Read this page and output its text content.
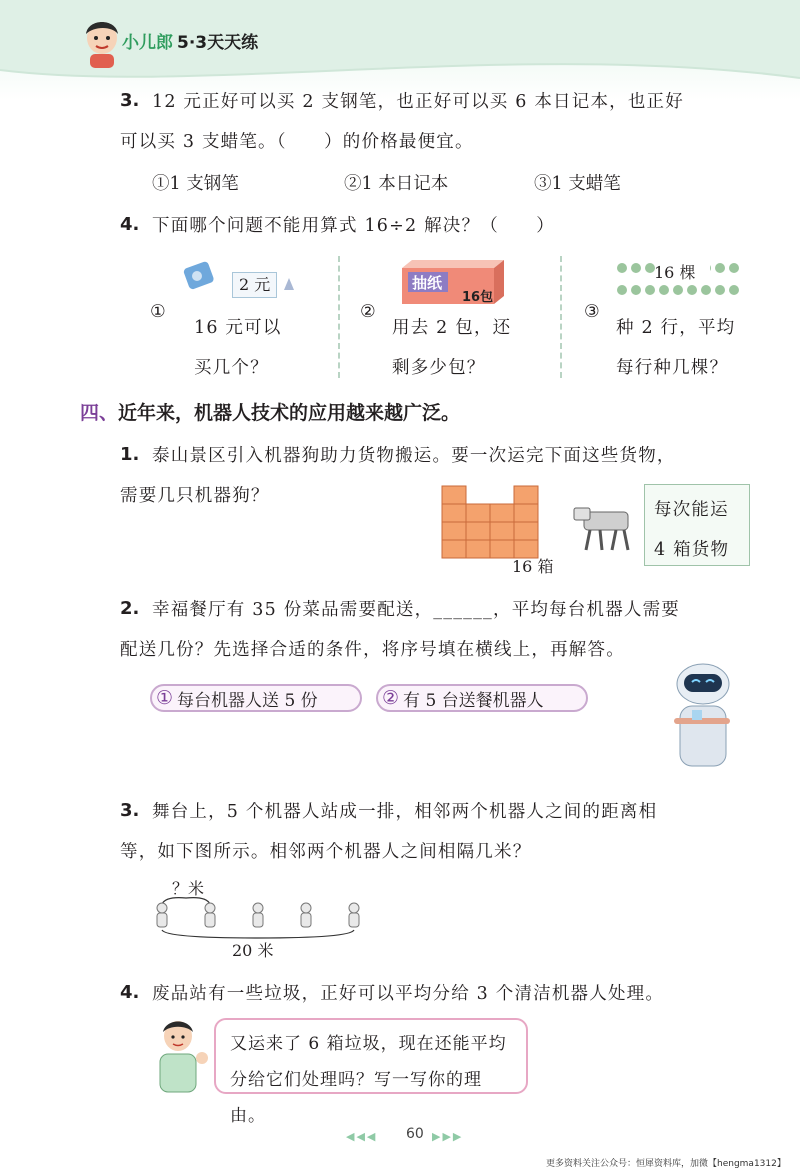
小儿郎 5·3天天练
3. 12 元正好可以买 2 支钢笔，也正好可以买 6 本日记本，也正好
可以买 3 支蜡笔。（　　）的价格最便宜。
①1 支钢笔	②1 本日记本	③1 支蜡笔
4. 下面哪个问题不能用算式 16÷2 解决？（　　）
2 元
①
16 元可以
买几个？
抽纸
16包
②
用去 2 包，还
剩多少包？
16 棵
③
种 2 行，平均
每行种几棵？
四、近年来，机器人技术的应用越来越广泛。
1. 泰山景区引入机器狗助力货物搬运。要一次运完下面这些货物，
需要几只机器狗？
16 箱
每次能运
4 箱货物
2. 幸福餐厅有 35 份菜品需要配送，______，平均每台机器人需要
配送几份？先选择合适的条件，将序号填在横线上，再解答。
① 每台机器人送 5 份	② 有 5 台送餐机器人
3. 舞台上，5 个机器人站成一排，相邻两个机器人之间的距离相
等，如下图所示。相邻两个机器人之间相隔几米？
？米
20 米
4. 废品站有一些垃圾，正好可以平均分给 3 个清洁机器人处理。
又运来了 6 箱垃圾，现在还能平均
分给它们处理吗？写一写你的理由。
◀◀◀ 60 ▶▶▶
更多资料关注公众号：恒犀资料库，加微【hengma1312】
